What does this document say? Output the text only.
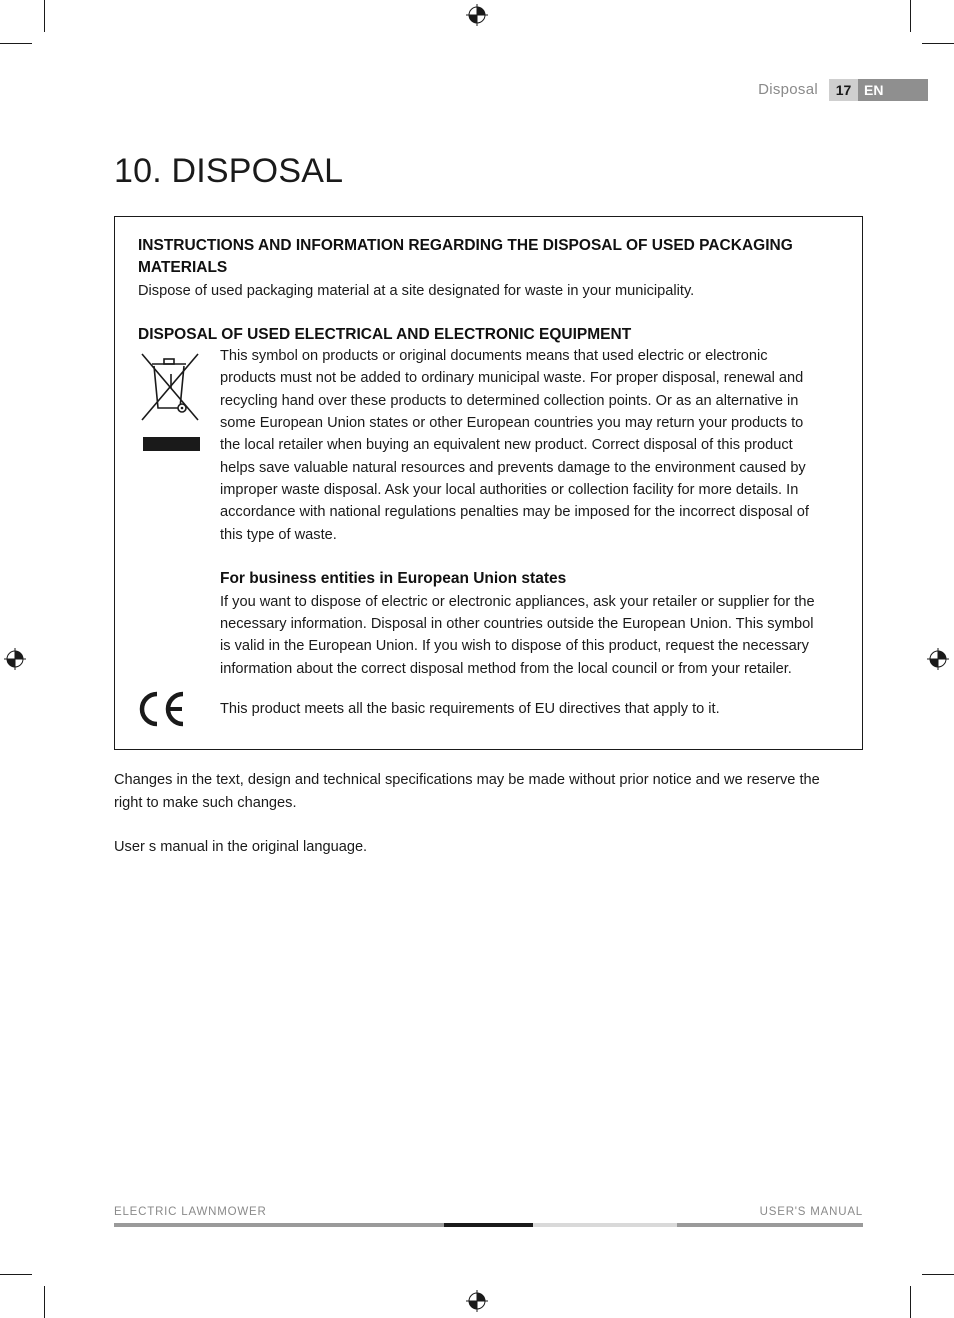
Disposal	17 EN
10. DISPOSAL
INSTRUCTIONS AND INFORMATION REGARDING THE DISPOSAL OF USED PACKAGING
MATERIALS
Dispose of used packaging material at a site designated for waste in your municipality.
DISPOSAL OF USED ELECTRICAL AND ELECTRONIC EQUIPMENT
This symbol on products or original documents means that used electric or electronic
products must not be added to ordinary municipal waste. For proper disposal, renewal and
recycling hand over these products to determined collection points. Or as an alternative in
some European Union states or other European countries you may return your products to
the local retailer when buying an equivalent new product. Correct disposal of this product
helps save valuable natural resources and prevents damage to the environment caused by
improper waste disposal. Ask your local authorities or collection facility for more details. In
accordance with national regulations penalties may be imposed for the incorrect disposal of
this type of waste.
For business entities in European Union states
If you want to dispose of electric or electronic appliances, ask your retailer or supplier for the
necessary information. Disposal in other countries outside the European Union. This symbol
is valid in the European Union. If you wish to dispose of this product, request the necessary
information about the correct disposal method from the local council or from your retailer.
This product meets all the basic requirements of EU directives that apply to it.
Changes in the text, design and technical specifications may be made without prior notice and we reserve the
right to make such changes.
User s manual in the original language.
ELECTRIC LAWNMOWER	USER'S MANUAL
